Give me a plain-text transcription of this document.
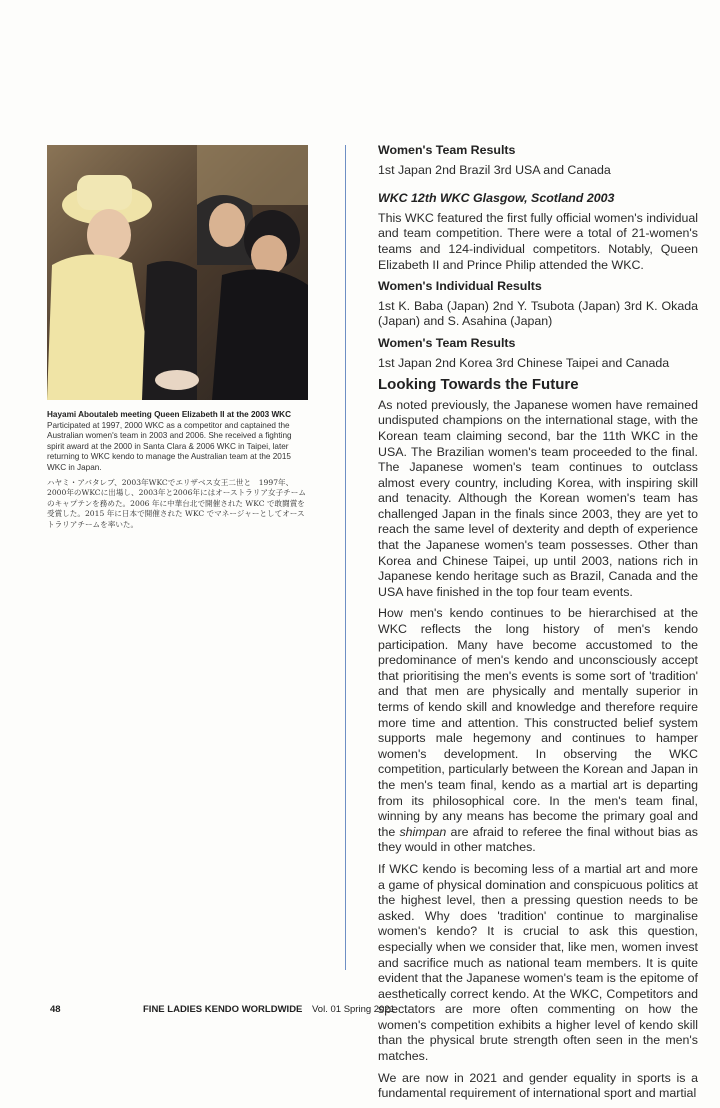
Hayami Aboutaleb meeting Queen Elizabeth II at the 2003 WKC
Participated at 1997, 2000 WKC as a competitor and captained the Australian women's team in 2003 and 2006. She received a fighting spirit award at the 2000 in Santa Clara & 2006 WKC in Taipei, later returning to WKC kendo to manage the Australian team at the 2015 WKC in Japan.
ハヤミ・アバタレブ、2003年WKCでエリザベス女王二世と　1997年、2000年のWKCに出場し、2003年と2006年にはオーストラリア女子チームのキャプテンを務めた。2006 年に中華台北で開催された WKC で敢闘賞を受賞した。2015 年に日本で開催された WKC でマネージャーとしてオーストラリアチームを率いた。
Women's Team Results

1st Japan 2nd Brazil 3rd USA and Canada

WKC 12th WKC Glasgow, Scotland 2003

This WKC featured the first fully official women's individual and team competition. There were a total of 21-women's teams and 124-individual competitors. Notably, Queen Elizabeth II and Prince Philip attended the WKC.

Women's Individual Results

1st K. Baba (Japan) 2nd Y. Tsubota (Japan) 3rd K. Okada (Japan) and S. Asahina (Japan)

Women's Team Results

1st Japan 2nd Korea 3rd Chinese Taipei and Canada

Looking Towards the Future

As noted previously, the Japanese women have remained undisputed champions on the international stage, with the Korean team claiming second, bar the 11th WKC in the USA. The Brazilian women's team proceeded to the final. The Japanese women's team continues to outclass almost every country, including Korea, with inspiring skill and tenacity. Although the Korean women's team has challenged Japan in the finals since 2003, they are yet to reach the same level of dexterity and depth of experience that the Japanese women's team possesses. Other than Korea and Chinese Taipei, up until 2003, nations rich in Japanese kendo heritage such as Brazil, Canada and the USA have finished in the top four team events.

How men's kendo continues to be hierarchised at the WKC reflects the long history of men's kendo participation. Many have become accustomed to the predominance of men's kendo and unconsciously accept that prioritising the men's events is some sort of 'tradition' and that men are physically and mentally superior in terms of kendo skill and knowledge and therefore require more time and attention. This constructed belief system supports male hegemony and continues to hamper women's development. In observing the WKC competition, particularly between the Korean and Japan in the men's team final, kendo as a martial art is departing from its philosophical core. In the men's team final, winning by any means has become the primary goal and the shimpan are afraid to referee the final without bias as they would in other matches.

If WKC kendo is becoming less of a martial art and more a game of physical domination and conspicuous politics at the highest level, then a pressing question needs to be asked. Why does 'tradition' continue to marginalise women's kendo? It is crucial to ask this question, especially when we consider that, like men, women invest and sacrifice much as national team members. It is quite evident that the Japanese women's team is the epitome of aesthetically correct kendo. At the WKC, Competitors and spectators are more often commenting on how the women's competition exhibits a higher level of kendo skill than the physical brute strength often seen in the men's matches.

We are now in 2021 and gender equality in sports is a fundamental requirement of international sport and martial

48	FINE LADIES KENDO WORLDWIDE Vol. 01 Spring 2021
